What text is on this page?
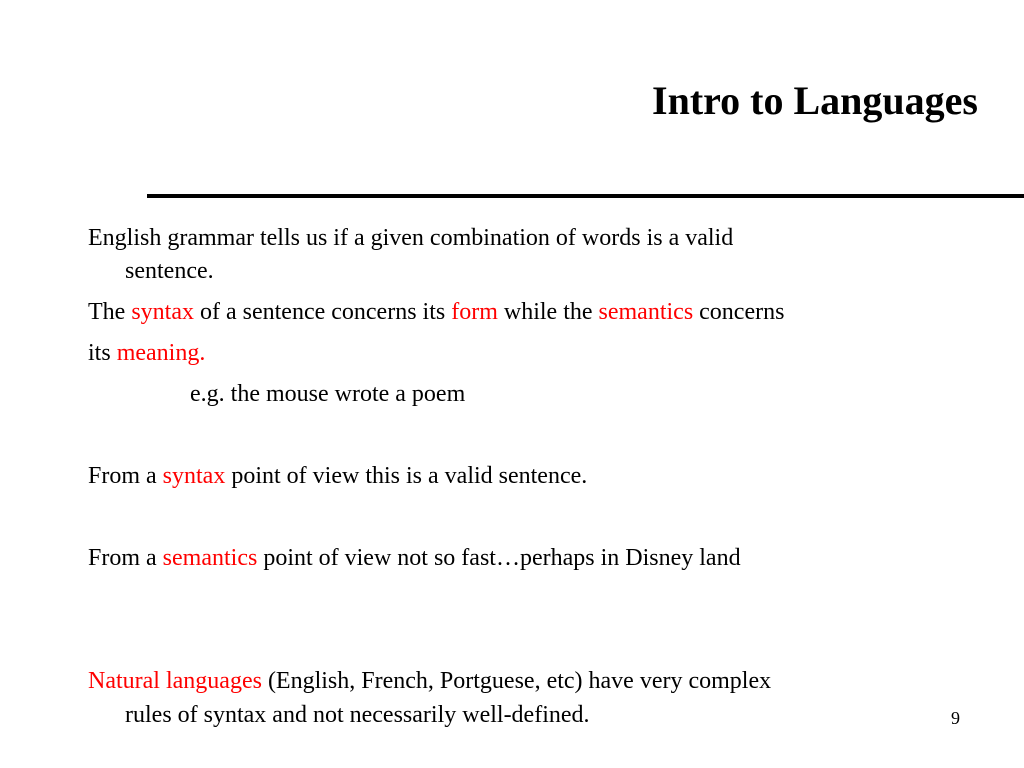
Intro to Languages
English grammar tells us if a given combination of words is a valid
sentence.
The syntax of a sentence concerns its form while the semantics concerns
its meaning.
e.g. the mouse wrote a poem
From a syntax point of view this is a valid sentence.
From a semantics point of view not so fast…perhaps in Disney land
Natural languages (English, French, Portguese, etc) have very complex
rules of syntax and not necessarily well-defined.	9
